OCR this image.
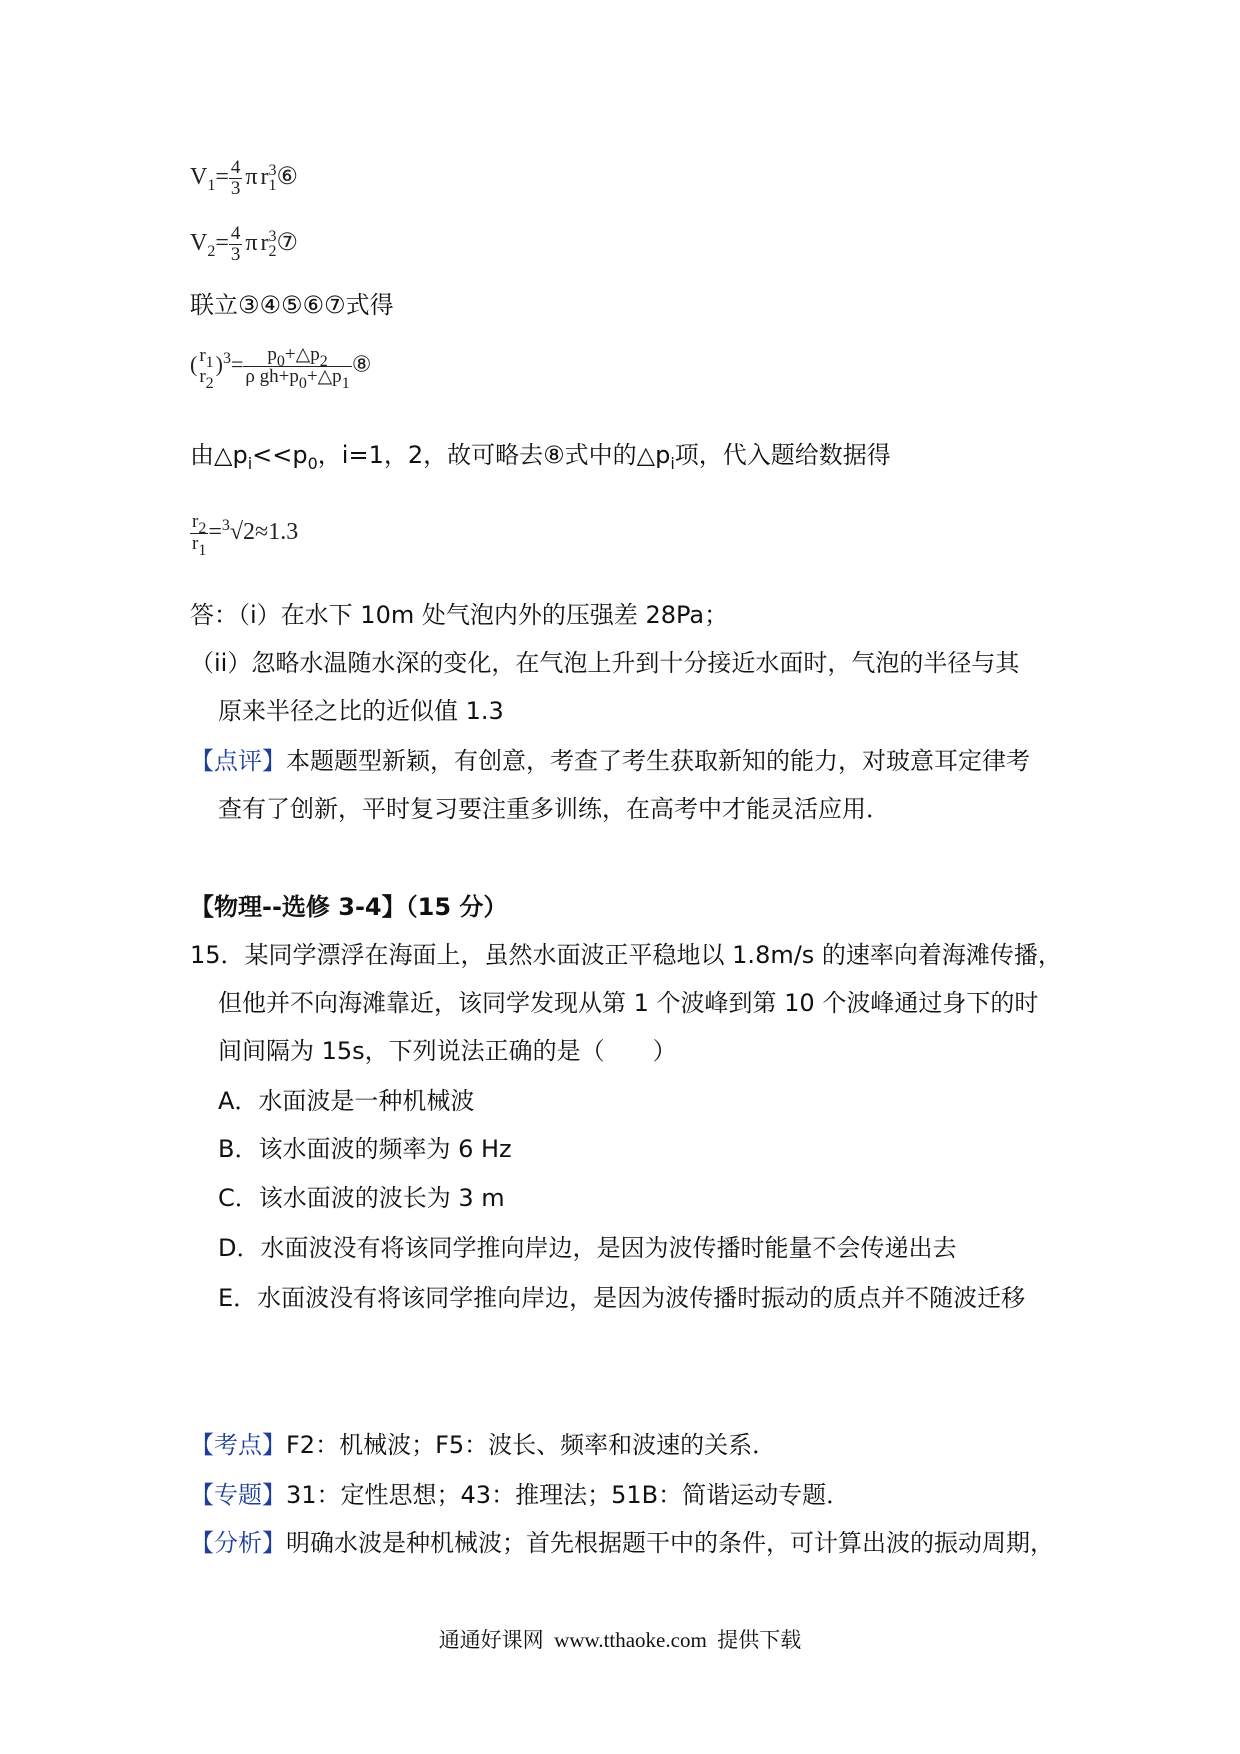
$V_1= \frac{4}{3}$ π $r_1^3⑥$
$V_2= \frac{4}{3}$ π $r_2^3⑦$
联立③④⑤⑥⑦式得
( $r_1$
$r_2$
)$^3= \frac{p_0+\triangle p_2}{\rho gh+p_0+\triangle p_1}$ ⑧
由$\triangle p_i<<p_0$，i=1，2，故可略去⑧式中的$\triangle p_i$项，代入题给数据得
$\frac{r_2}{r_1} =^3√2\approx 1.3$
答：（i）在水下 10m 处气泡内外的压强差 28Pa；
（ii）忽略水温随水深的变化，在气泡上升到十分接近水面时，气泡的半径与其
原来半径之比的近似值 1.3
【点评】本题题型新颖，有创意，考查了考生获取新知的能力，对玻意耳定律考
查有了创新，平时复习要注重多训练，在高考中才能灵活应用．
【物理--选修 3-4】（15 分）
15．某同学漂浮在海面上，虽然水面波正平稳地以 1.8m/s 的速率向着海滩传播，
但他并不向海滩靠近，该同学发现从第 1 个波峰到第 10 个波峰通过身下的时
间间隔为 15s，下列说法正确的是（　　）
A．水面波是一种机械波
B．该水面波的频率为 6 Hz
C．该水面波的波长为 3 m
D．水面波没有将该同学推向岸边，是因为波传播时能量不会传递出去
E．水面波没有将该同学推向岸边，是因为波传播时振动的质点并不随波迁移
【考点】F2：机械波；F5：波长、频率和波速的关系．
【专题】31：定性思想；43：推理法；51B：简谐运动专题．
【分析】明确水波是种机械波；首先根据题干中的条件，可计算出波的振动周期，
通通好课网  www.tthaoke.com  提供下载
